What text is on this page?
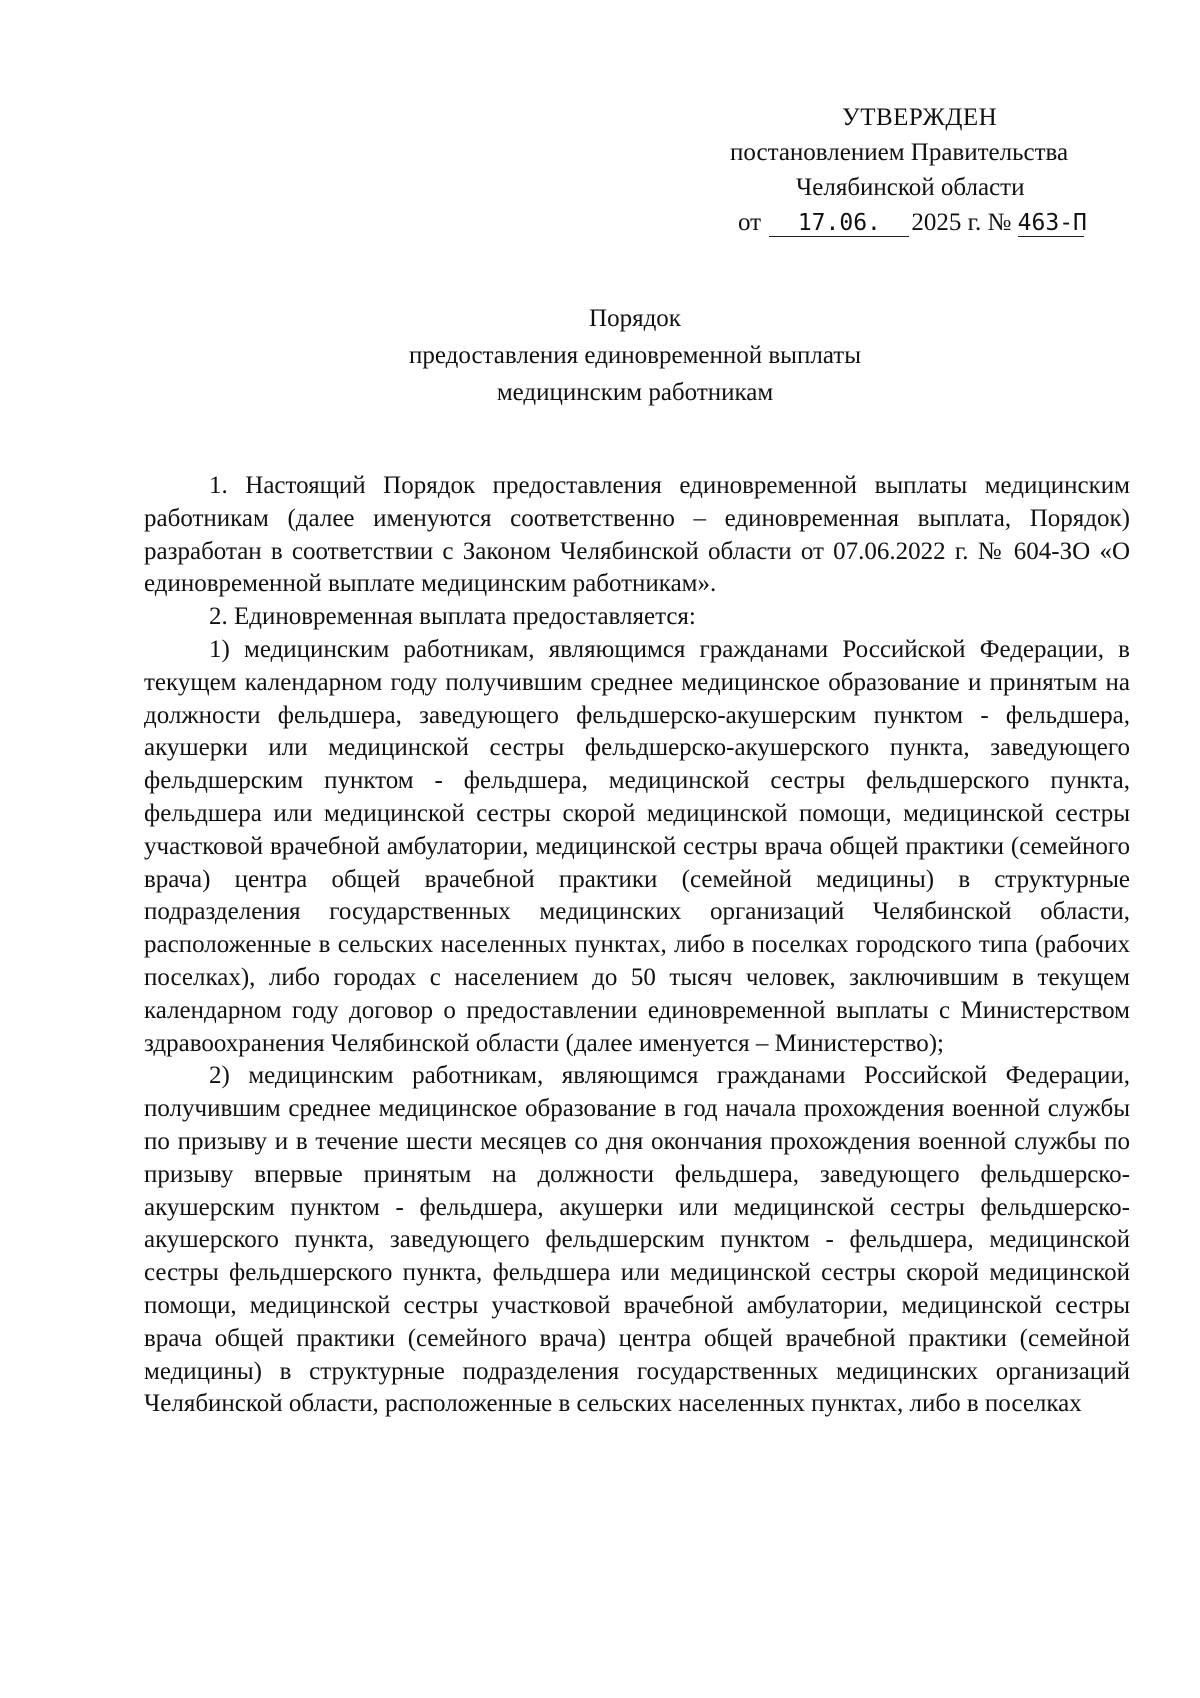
УТВЕРЖДЕН
постановлением Правительства
Челябинской области
от 17.06. 2025 г. № 463-П
Порядок
предоставления единовременной выплаты
медицинским работникам

1. Настоящий Порядок предоставления единовременной выплаты медицинским работникам (далее именуются соответственно – единовременная выплата, Порядок) разработан в соответствии с Законом Челябинской области от 07.06.2022 г. № 604-ЗО «О единовременной выплате медицинским работникам».

2. Единовременная выплата предоставляется:

1) медицинским работникам, являющимся гражданами Российской Федерации, в текущем календарном году получившим среднее медицинское образование и принятым на должности фельдшера, заведующего фельдшерско-акушерским пунктом - фельдшера, акушерки или медицинской сестры фельдшерско-акушерского пункта, заведующего фельдшерским пунктом - фельдшера, медицинской сестры фельдшерского пункта, фельдшера или медицинской сестры скорой медицинской помощи, медицинской сестры участковой врачебной амбулатории, медицинской сестры врача общей практики (семейного врача) центра общей врачебной практики (семейной медицины) в структурные подразделения государственных медицинских организаций Челябинской области, расположенные в сельских населенных пунктах, либо в поселках городского типа (рабочих поселках), либо городах с населением до 50 тысяч человек, заключившим в текущем календарном году договор о предоставлении единовременной выплаты с Министерством здравоохранения Челябинской области (далее именуется – Министерство);

2) медицинским работникам, являющимся гражданами Российской Федерации, получившим среднее медицинское образование в год начала прохождения военной службы по призыву и в течение шести месяцев со дня окончания прохождения военной службы по призыву впервые принятым на должности фельдшера, заведующего фельдшерско-акушерским пунктом - фельдшера, акушерки или медицинской сестры фельдшерско-акушерского пункта, заведующего фельдшерским пунктом - фельдшера, медицинской сестры фельдшерского пункта, фельдшера или медицинской сестры скорой медицинской помощи, медицинской сестры участковой врачебной амбулатории, медицинской сестры врача общей практики (семейного врача) центра общей врачебной практики (семейной медицины) в структурные подразделения государственных медицинских организаций Челябинской области, расположенные в сельских населенных пунктах, либо в поселках
